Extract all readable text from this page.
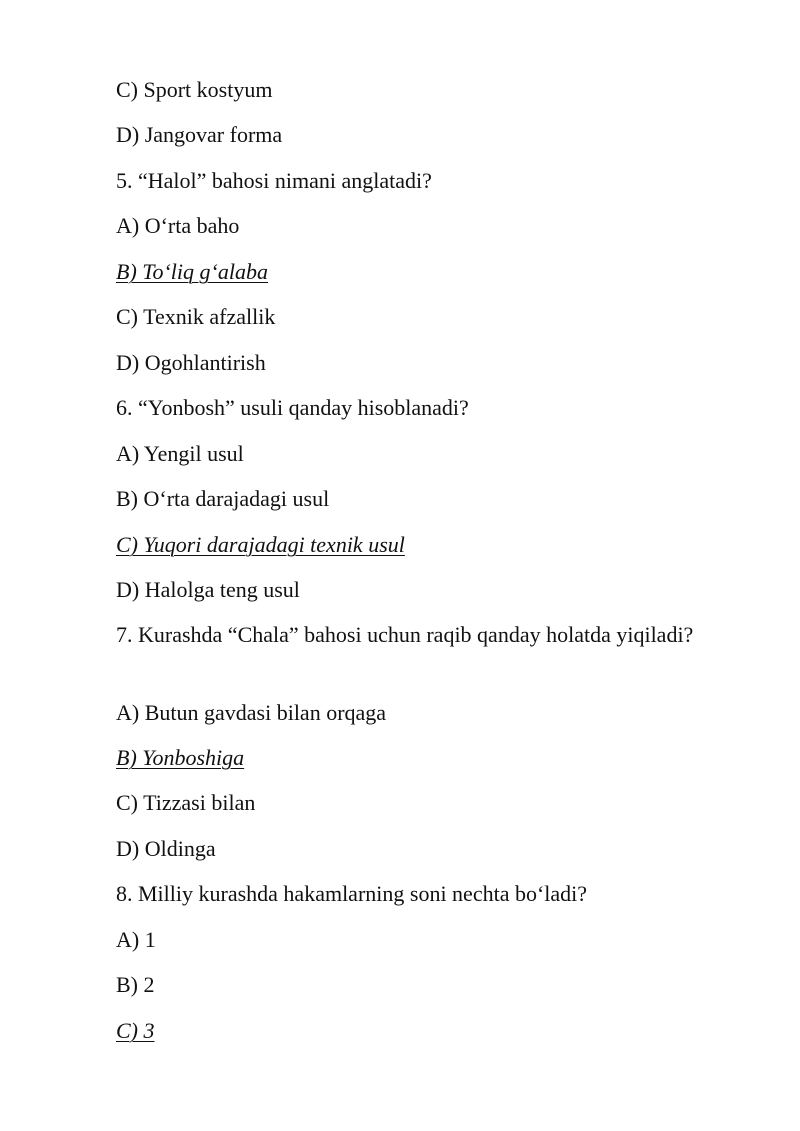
C) Sport kostyum
D) Jangovar forma
5. “Halol” bahosi nimani anglatadi?
A) O‘rta baho
B) To‘liq g‘alaba
C) Texnik afzallik
D) Ogohlantirish
6. “Yonbosh” usuli qanday hisoblanadi?
A) Yengil usul
B) O‘rta darajadagi usul
C) Yuqori darajadagi texnik usul
D) Halolga teng usul
7. Kurashda “Chala” bahosi uchun raqib qanday holatda yiqiladi?
A) Butun gavdasi bilan orqaga
B) Yonboshiga
C) Tizzasi bilan
D) Oldinga
8. Milliy kurashda hakamlarning soni nechta bo‘ladi?
A) 1
B) 2
C) 3
